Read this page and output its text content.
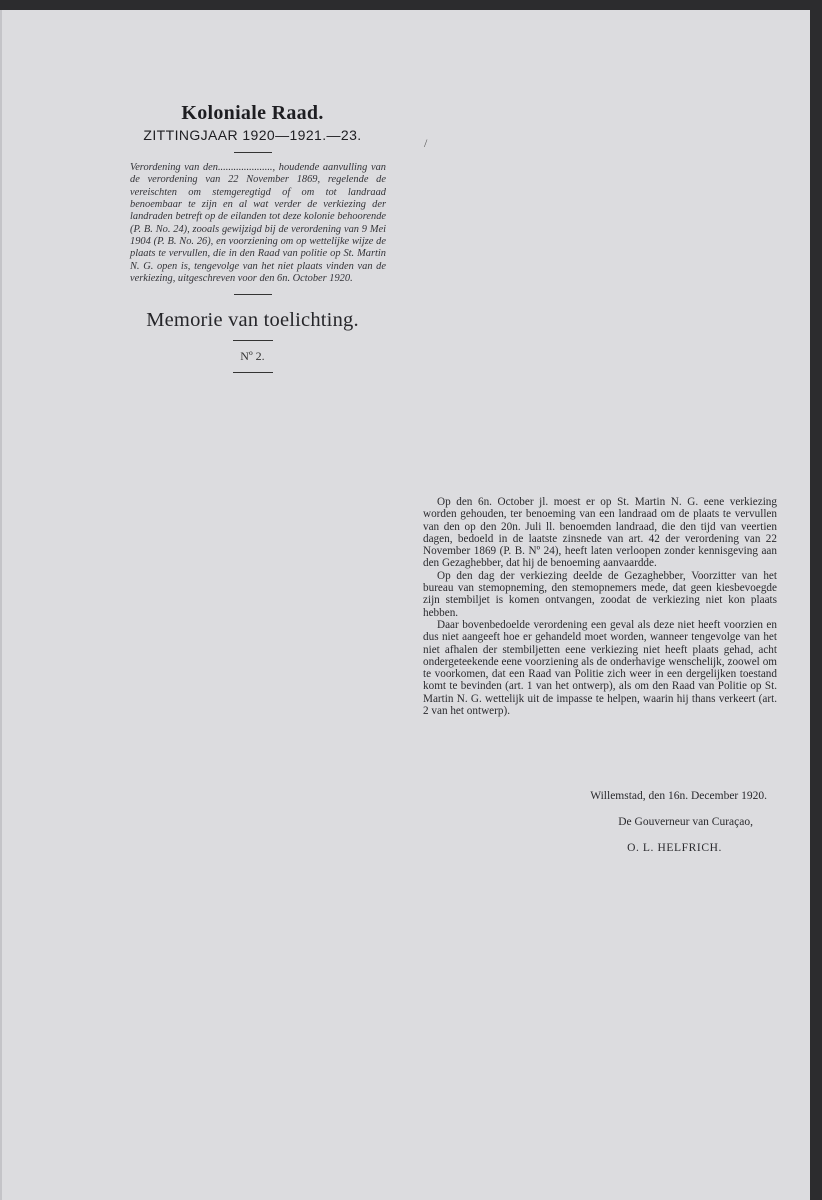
Koloniale Raad.
ZITTINGJAAR 1920—1921.—23.
Verordening van den....................., houdende aanvulling van de verordening van 22 November 1869, regelende de vereischten om stemgeregtigd of om tot landraad benoembaar te zijn en al wat verder de verkiezing der landraden betreft op de eilanden tot deze kolonie behoorende (P. B. No. 24), zooals gewijzigd bij de verordening van 9 Mei 1904 (P. B. No. 26), en voorziening om op wettelijke wijze de plaats te vervullen, die in den Raad van politie op St. Martin N. G. open is, tengevolge van het niet plaats vinden van de verkiezing, uitgeschreven voor den 6n. October 1920.
Memorie van toelichting.
Nº 2.
/

Op den 6n. October jl. moest er op St. Martin N. G. eene verkiezing worden gehouden, ter benoeming van een landraad om de plaats te vervullen van den op den 20n. Juli ll. benoemden landraad, die den tijd van veertien dagen, bedoeld in de laatste zinsnede van art. 42 der verordening van 22 November 1869 (P. B. Nº 24), heeft laten verloopen zonder kennisgeving aan den Gezaghebber, dat hij de benoeming aanvaardde.

Op den dag der verkiezing deelde de Gezaghebber, Voorzitter van het bureau van stemopneming, den stemopnemers mede, dat geen kiesbevoegde zijn stembiljet is komen ontvangen, zoodat de verkiezing niet kon plaats hebben.

Daar bovenbedoelde verordening een geval als deze niet heeft voorzien en dus niet aangeeft hoe er gehandeld moet worden, wanneer tengevolge van het niet afhalen der stembiljetten eene verkiezing niet heeft plaats gehad, acht ondergeteekende eene voorziening als de onderhavige wenschelijk, zoowel om te voorkomen, dat een Raad van Politie zich weer in een dergelijken toestand komt te bevinden (art. 1 van het ontwerp), als om den Raad van Politie op St. Martin N. G. wettelijk uit de impasse te helpen, waarin hij thans verkeert (art. 2 van het ontwerp).

Willemstad, den 16n. December 1920.
De Gouverneur van Curaçao,
O. L. HELFRICH.
